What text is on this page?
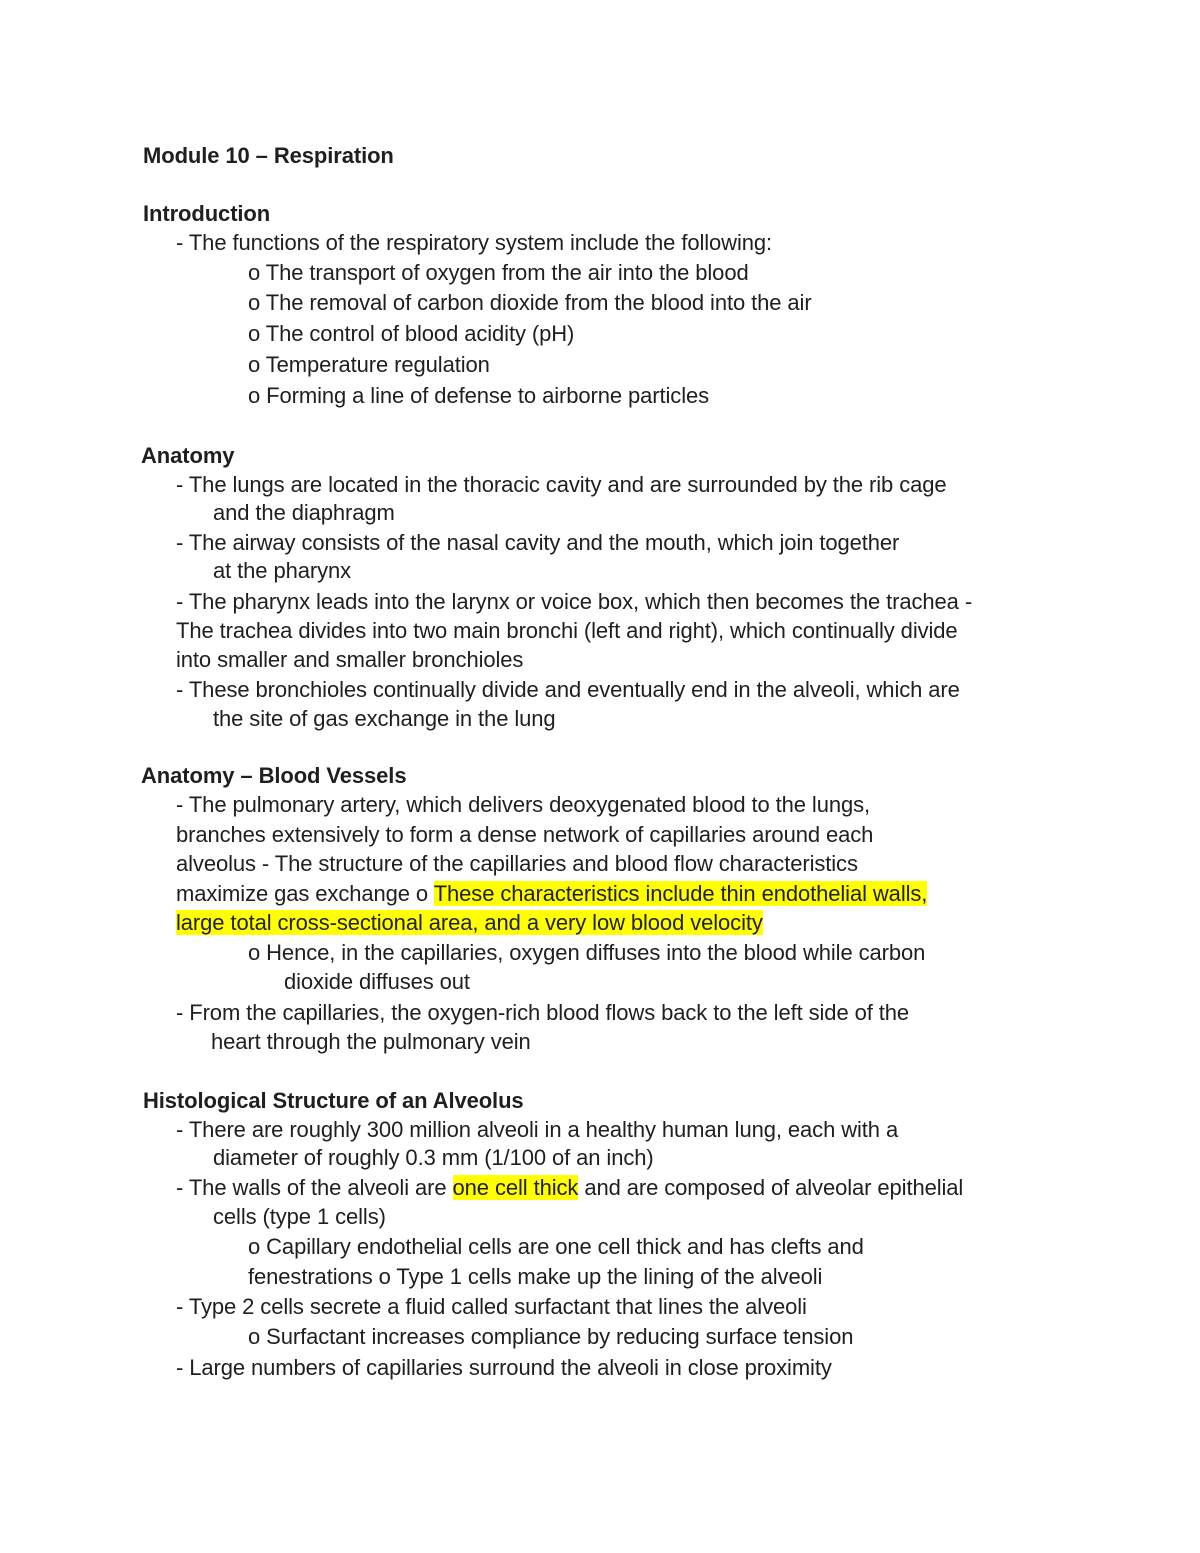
Module 10 – Respiration
Introduction
- The functions of the respiratory system include the following:
o The transport of oxygen from the air into the blood
o The removal of carbon dioxide from the blood into the air
o The control of blood acidity (pH)
o Temperature regulation
o Forming a line of defense to airborne particles
Anatomy
- The lungs are located in the thoracic cavity and are surrounded by the rib cage
and the diaphragm
- The airway consists of the nasal cavity and the mouth, which join together
at the pharynx
- The pharynx leads into the larynx or voice box, which then becomes the trachea -
The trachea divides into two main bronchi (left and right), which continually divide
into smaller and smaller bronchioles
- These bronchioles continually divide and eventually end in the alveoli, which are
the site of gas exchange in the lung
Anatomy – Blood Vessels
- The pulmonary artery, which delivers deoxygenated blood to the lungs,
branches extensively to form a dense network of capillaries around each
alveolus - The structure of the capillaries and blood flow characteristics
maximize gas exchange o These characteristics include thin endothelial walls,
large total cross-sectional area, and a very low blood velocity
o Hence, in the capillaries, oxygen diffuses into the blood while carbon
dioxide diffuses out
- From the capillaries, the oxygen-rich blood flows back to the left side of the
heart through the pulmonary vein
Histological Structure of an Alveolus
- There are roughly 300 million alveoli in a healthy human lung, each with a
diameter of roughly 0.3 mm (1/100 of an inch)
- The walls of the alveoli are one cell thick and are composed of alveolar epithelial
cells (type 1 cells)
o Capillary endothelial cells are one cell thick and has clefts and
fenestrations o Type 1 cells make up the lining of the alveoli
- Type 2 cells secrete a fluid called surfactant that lines the alveoli
o Surfactant increases compliance by reducing surface tension
- Large numbers of capillaries surround the alveoli in close proximity
